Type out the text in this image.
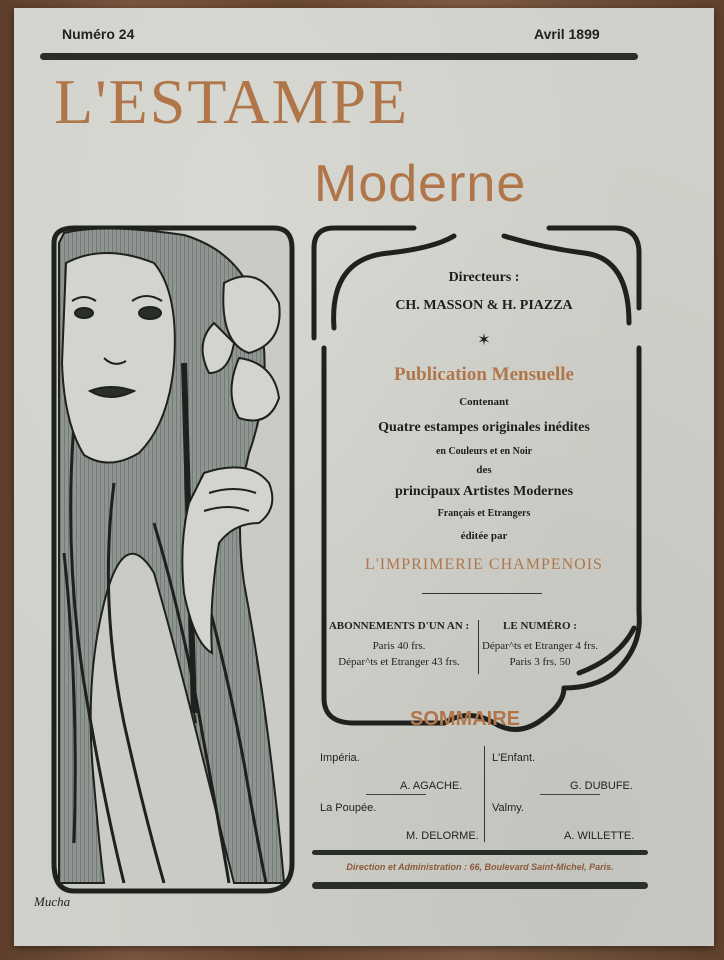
Numéro 24	Avril 1899
L'ESTAMPE
Moderne
Mucha
Directeurs :
CH. MASSON & H. PIAZZA
✶
Publication Mensuelle
Contenant
Quatre estampes originales inédites
en Couleurs et en Noir
des
principaux Artistes Modernes
Français et Etrangers
éditée par
L'IMPRIMERIE CHAMPENOIS
ABONNEMENTS D'UN AN :
Paris 40 frs.
Dépar^ts et Etranger 43 frs.
LE NUMÉRO :
Dépar^ts et Etranger 4 frs.
Paris 3 frs. 50
SOMMAIRE
Impéria.
A. AGACHE.
L'Enfant.
G. DUBUFE.
La Poupée.
M. DELORME.
Valmy.
A. WILLETTE.
Direction et Administration : 66, Boulevard Saint-Michel, Paris.
